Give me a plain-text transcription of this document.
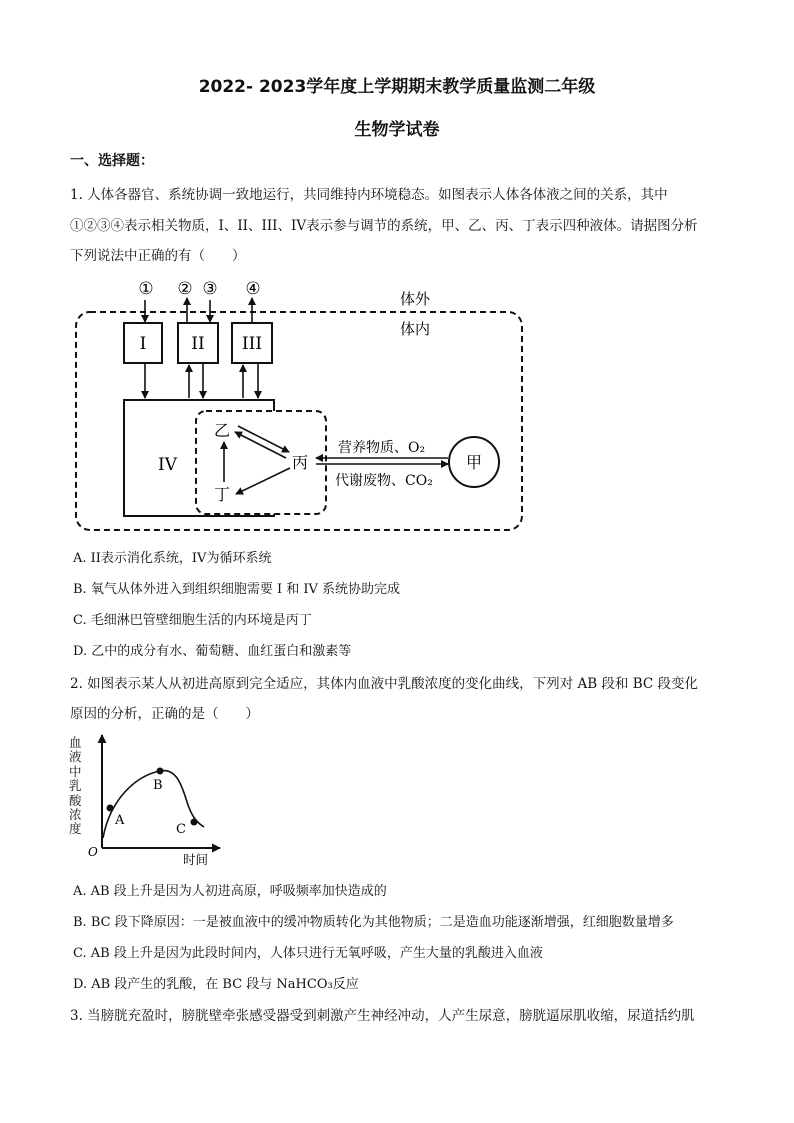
2022- 2023学年度上学期期末教学质量监测二年级
生物学试卷
一、选择题：
1. 人体各器官、系统协调一致地运行，共同维持内环境稳态。如图表示人体各体液之间的关系，其中
①②③④表示相关物质，I、II、III、IV表示参与调节的系统，甲、乙、丙、丁表示四种液体。请据图分析
下列说法中正确的有（　　）
① ② ③ ④	体外
体内
I	II III
IV
乙
丙
丁
甲
营养物质、O₂
代谢废物、CO₂
A. II表示消化系统，IV为循环系统
B. 氧气从体外进入到组织细胞需要 I 和 IV 系统协助完成
C. 毛细淋巴管壁细胞生活的内环境是丙丁
D. 乙中的成分有水、葡萄糖、血红蛋白和激素等
2. 如图表示某人从初进高原到完全适应，其体内血液中乳酸浓度的变化曲线，下列对 AB 段和 BC 段变化
原因的分析，正确的是（　　）
血液中乳酸浓度
A
B
C
O	时间
A. AB 段上升是因为人初进高原，呼吸频率加快造成的
B. BC 段下降原因：一是被血液中的缓冲物质转化为其他物质；二是造血功能逐渐增强，红细胞数量增多
C. AB 段上升是因为此段时间内，人体只进行无氧呼吸，产生大量的乳酸进入血液
D. AB 段产生的乳酸，在 BC 段与 NaHCO₃反应
3. 当膀胱充盈时，膀胱壁牵张感受器受到刺激产生神经冲动，人产生尿意，膀胱逼尿肌收缩，尿道括约肌
